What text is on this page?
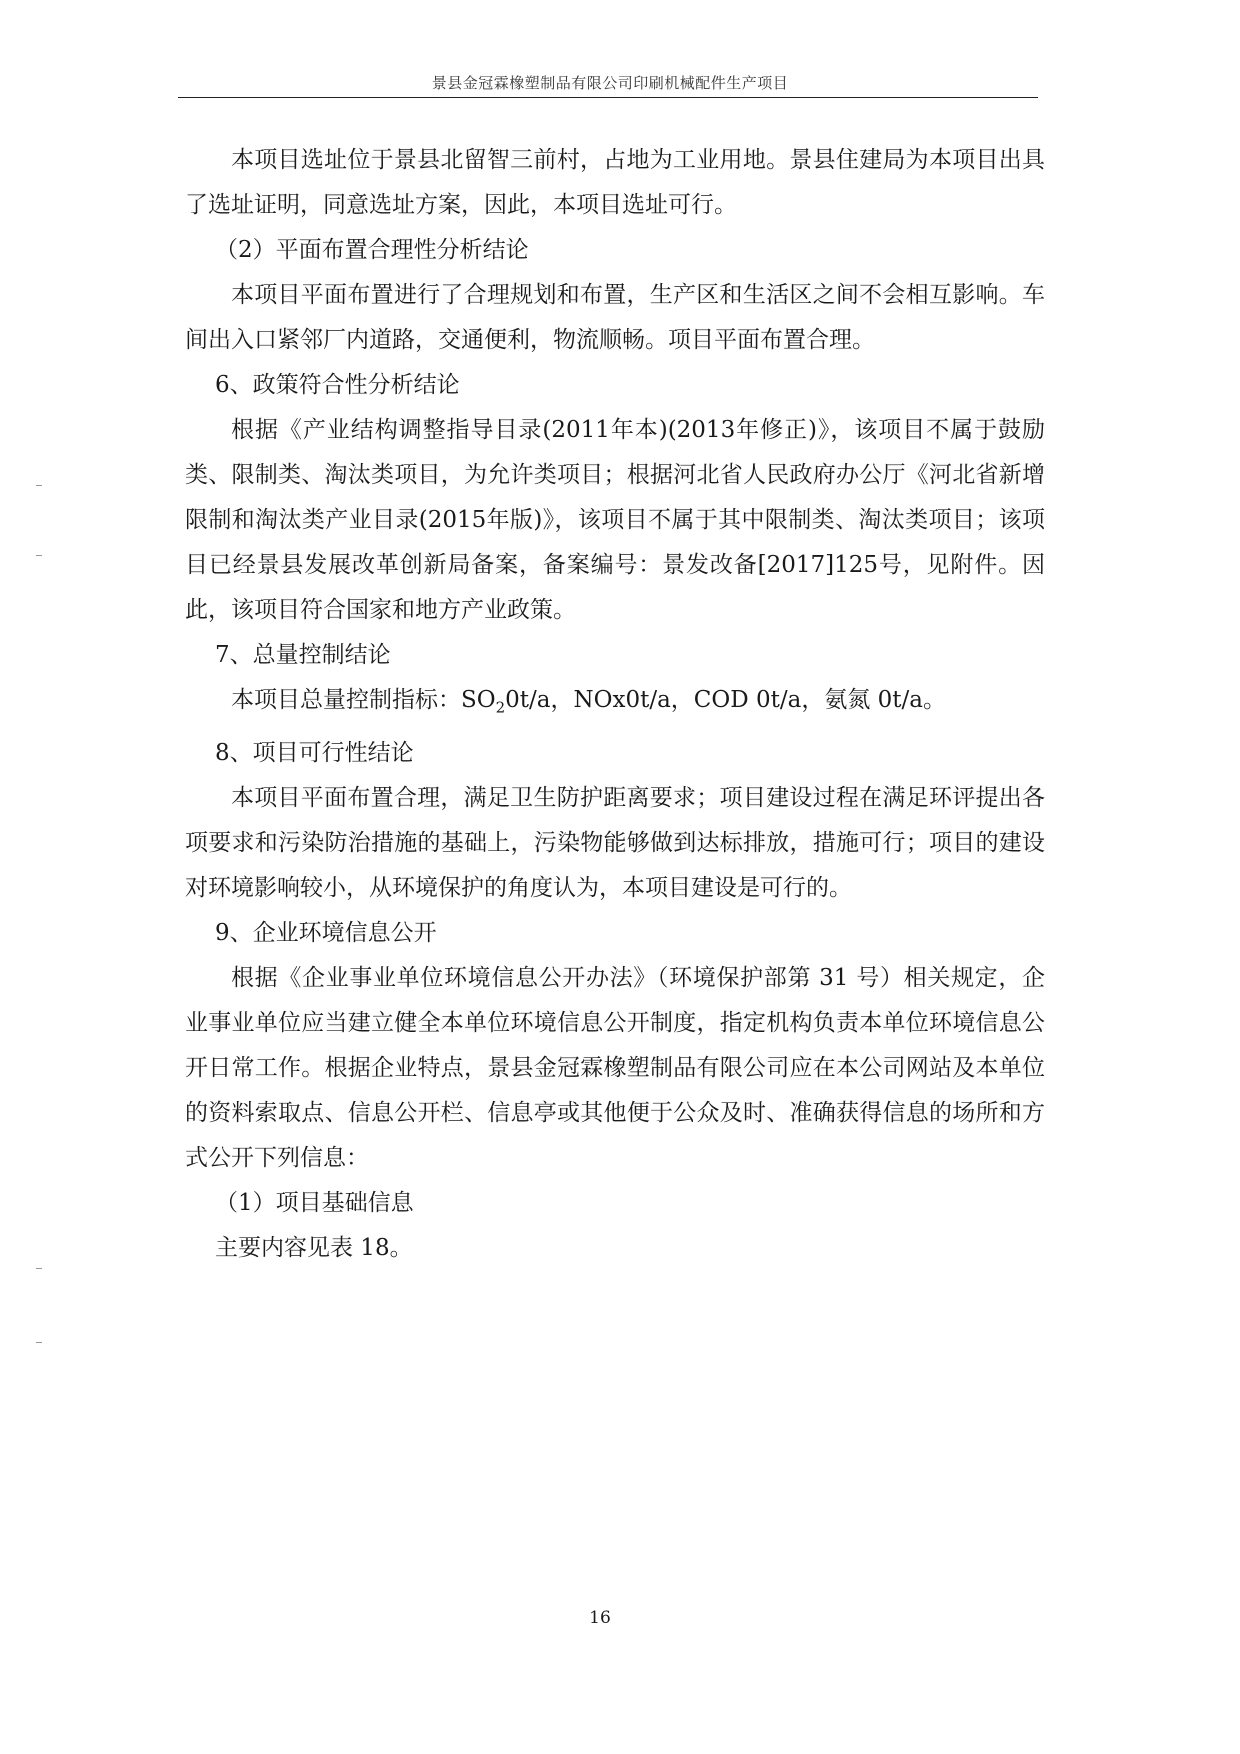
景县金冠霖橡塑制品有限公司印刷机械配件生产项目

本项目选址位于景县北留智三前村，占地为工业用地。景县住建局为本项目出具了选址证明，同意选址方案，因此，本项目选址可行。

（2）平面布置合理性分析结论

本项目平面布置进行了合理规划和布置，生产区和生活区之间不会相互影响。车间出入口紧邻厂内道路，交通便利，物流顺畅。项目平面布置合理。

6、政策符合性分析结论

根据《产业结构调整指导目录(2011年本)(2013年修正)》，该项目不属于鼓励类、限制类、淘汰类项目，为允许类项目；根据河北省人民政府办公厅《河北省新增限制和淘汰类产业目录(2015年版)》，该项目不属于其中限制类、淘汰类项目；该项目已经景县发展改革创新局备案，备案编号：景发改备[2017]125号，见附件。因此，该项目符合国家和地方产业政策。

7、总量控制结论

本项目总量控制指标：$SO_20t/a$，NOx0t/a，COD 0t/a，氨氮 0t/a。

8、项目可行性结论

本项目平面布置合理，满足卫生防护距离要求；项目建设过程在满足环评提出各项要求和污染防治措施的基础上，污染物能够做到达标排放，措施可行；项目的建设对环境影响较小，从环境保护的角度认为，本项目建设是可行的。

9、企业环境信息公开

根据《企业事业单位环境信息公开办法》（环境保护部第 31 号）相关规定，企业事业单位应当建立健全本单位环境信息公开制度，指定机构负责本单位环境信息公开日常工作。根据企业特点，景县金冠霖橡塑制品有限公司应在本公司网站及本单位的资料索取点、信息公开栏、信息亭或其他便于公众及时、准确获得信息的场所和方式公开下列信息：

（1）项目基础信息

主要内容见表 18。

16
